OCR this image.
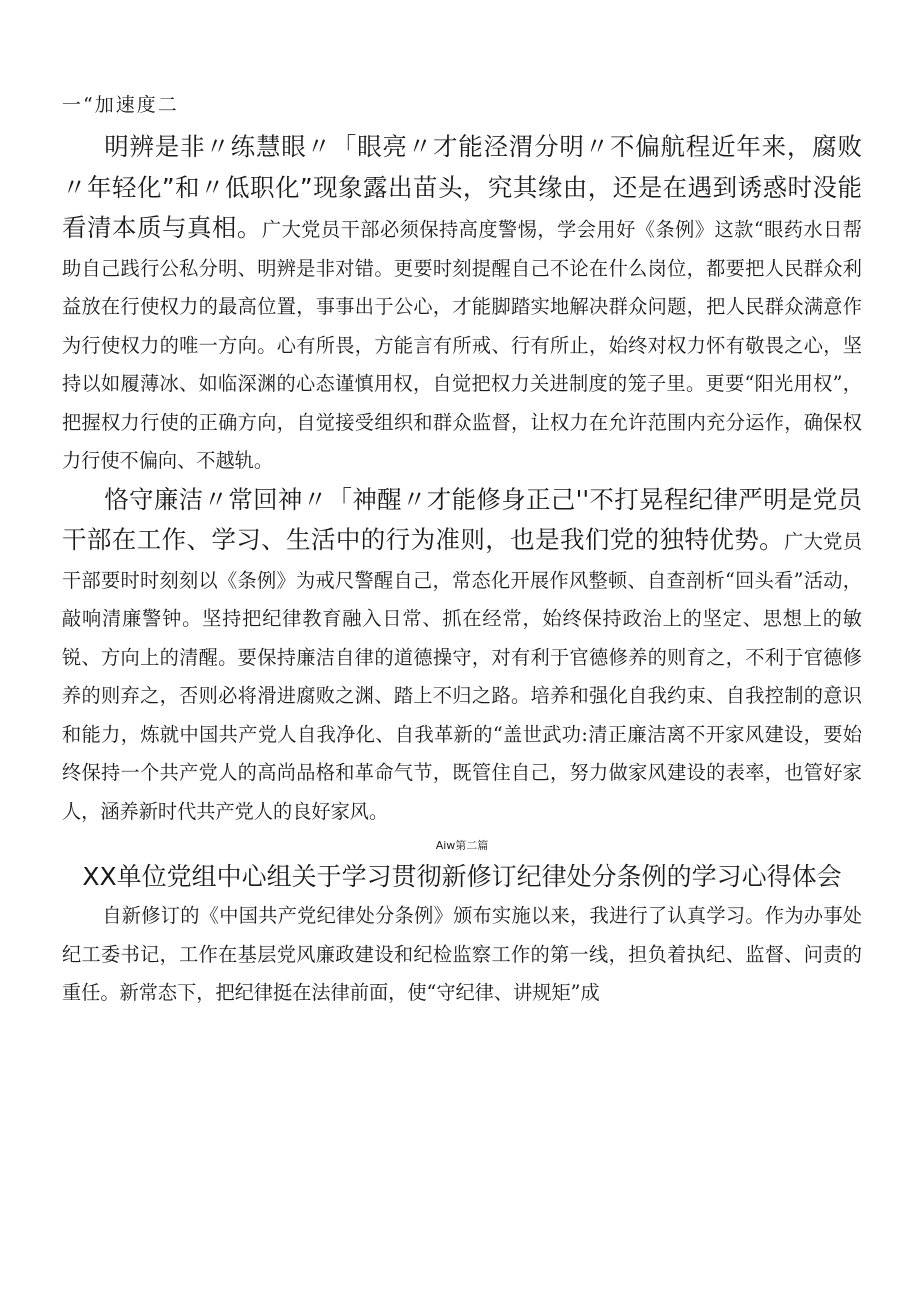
一“加速度二

明辨是非〃练慧眼〃「眼亮〃才能泾渭分明〃不偏航程近年来，腐败〃年轻化”和〃低职化”现象露出苗头，究其缘由，还是在遇到诱惑时没能看清本质与真相。广大党员干部必须保持高度警惕，学会用好《条例》这款“眼药水日帮助自己践行公私分明、明辨是非对错。更要时刻提醒自己不论在什么岗位，都要把人民群众利益放在行使权力的最高位置，事事出于公心，才能脚踏实地解决群众问题，把人民群众满意作为行使权力的唯一方向。心有所畏，方能言有所戒、行有所止，始终对权力怀有敬畏之心，坚持以如履薄冰、如临深渊的心态谨慎用权，自觉把权力关进制度的笼子里。更要“阳光用权”，把握权力行使的正确方向，自觉接受组织和群众监督，让权力在允许范围内充分运作，确保权力行使不偏向、不越轨。

恪守廉洁〃常回神〃「神醒〃才能修身正己''不打晃程纪律严明是党员干部在工作、学习、生活中的行为准则，也是我们党的独特优势。广大党员干部要时时刻刻以《条例》为戒尺警醒自己，常态化开展作风整顿、自查剖析“回头看”活动，敲响清廉警钟。坚持把纪律教育融入日常、抓在经常，始终保持政治上的坚定、思想上的敏锐、方向上的清醒。要保持廉洁自律的道德操守，对有利于官德修养的则育之，不利于官德修养的则弃之，否则必将滑进腐败之渊、踏上不归之路。培养和强化自我约束、自我控制的意识和能力，炼就中国共产党人自我净化、自我革新的“盖世武功:清正廉洁离不开家风建设，要始终保持一个共产党人的高尚品格和革命气节，既管住自己，努力做家风建设的表率，也管好家人，涵养新时代共产党人的良好家风。

Aiw第二篇
XX单位党组中心组关于学习贯彻新修订纪律处分条例的学习心得体会

自新修订的《中国共产党纪律处分条例》颁布实施以来，我进行了认真学习。作为办事处纪工委书记，工作在基层党风廉政建设和纪检监察工作的第一线，担负着执纪、监督、问责的重任。新常态下，把纪律挺在法律前面，使“守纪律、讲规矩”成
